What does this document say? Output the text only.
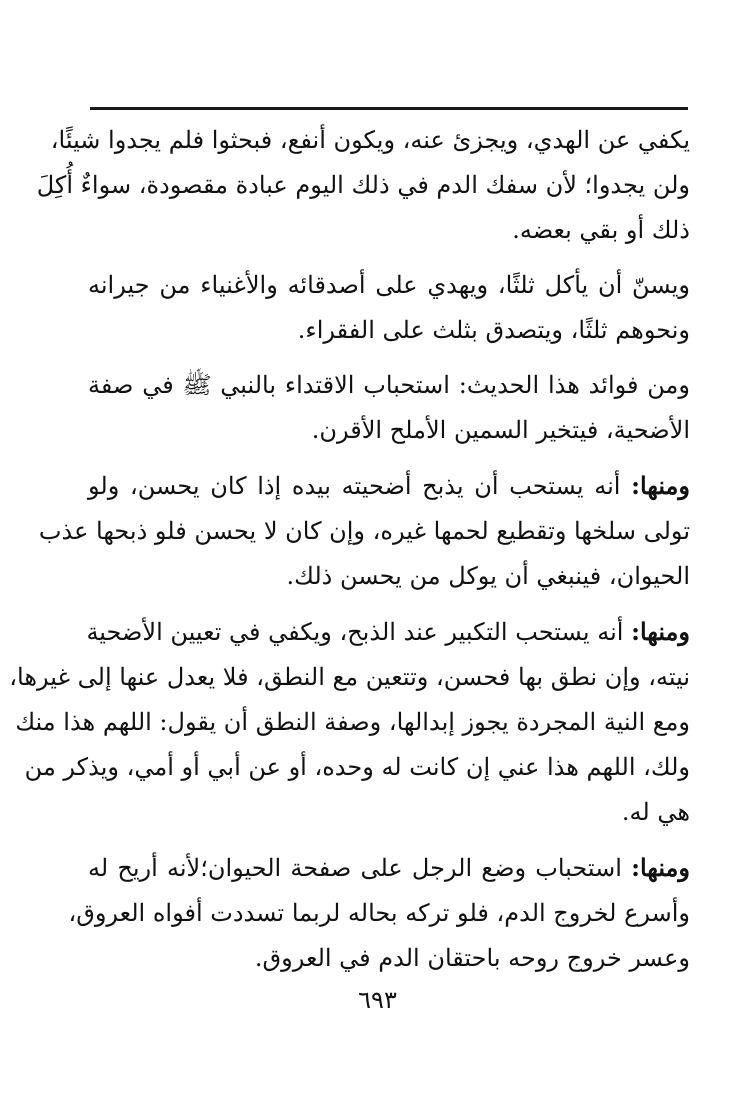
يكفي عن الهدي، ويجزئ عنه، ويكون أنفع، فبحثوا فلم يجدوا شيئًا،
ولن يجدوا؛ لأن سفك الدم في ذلك اليوم عبادة مقصودة، سواءٌ أُكِلَ
ذلك أو بقي بعضه.

ويسنّ أن يأكل ثلثًا، ويهدي على أصدقائه والأغنياء من جيرانه
ونحوهم ثلثًا، ويتصدق بثلث على الفقراء.

ومن فوائد هذا الحديث: استحباب الاقتداء بالنبي ﷺ في صفة
الأضحية، فيتخير السمين الأملح الأقرن.

ومنها: أنه يستحب أن يذبح أضحيته بيده إذا كان يحسن، ولو
تولى سلخها وتقطيع لحمها غيره، وإن كان لا يحسن فلو ذبحها عذب
الحيوان، فينبغي أن يوكل من يحسن ذلك.

ومنها: أنه يستحب التكبير عند الذبح، ويكفي في تعيين الأضحية
نيته، وإن نطق بها فحسن، وتتعين مع النطق، فلا يعدل عنها إلى غيرها،
ومع النية المجردة يجوز إبدالها، وصفة النطق أن يقول: اللهم هذا منك
ولك، اللهم هذا عني إن كانت له وحده، أو عن أبي أو أمي، ويذكر من
هي له.

ومنها: استحباب وضع الرجل على صفحة الحيوان؛لأنه أريح له
وأسرع لخروج الدم، فلو تركه بحاله لربما تسددت أفواه العروق،
وعسر خروج روحه باحتقان الدم في العروق.

٦٩٣
